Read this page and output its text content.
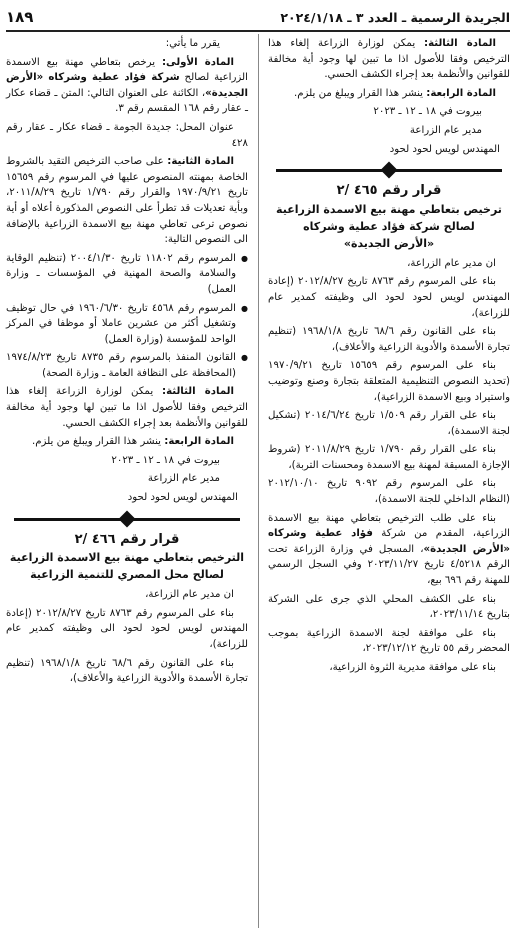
الجريدة الرسمية ـ العدد ٣ ـ ٢٠٢٤/١/١٨
١٨٩

المادة الثالثة: يمكن لوزارة الزراعة إلغاء هذا الترخيص وفقا للأصول اذا ما تبين لها وجود أية مخالفة للقوانين والأنظمة بعد إجراء الكشف الحسي.

المادة الرابعة: ينشر هذا القرار ويبلغ من يلزم.

بيروت في ١٨ ـ ١٢ ـ ٢٠٢٣

مدير عام الزراعة

المهندس لويس لحود لحود

قرار رقم ٤٦٥ /٢
ترخيص بتعاطي مهنة بيع الاسمدة الزراعية
لصالح شركة فؤاد عطية وشركاه
«الأرض الجديدة»

ان مدير عام الزراعة،

بناء على المرسوم رقم ٨٧٦٣ تاريخ ٢٠١٢/٨/٢٧ (إعادة المهندس لويس لحود لحود الى وظيفته كمدير عام للزراعة)،

بناء على القانون رقم ٦٨/٦ تاريخ ١٩٦٨/١/٨ (تنظيم تجارة الأسمدة والأدوية الزراعية والأعلاف)،

بناء على المرسوم رقم ١٥٦٥٩ تاريخ ١٩٧٠/٩/٢١ (تحديد النصوص التنظيمية المتعلقة بتجارة وصنع وتوضيب واستيراد وبيع الاسمدة الزراعية)،

بناء على القرار رقم ١/٥٠٩ تاريخ ٢٠١٤/٦/٢٤ (تشكيل لجنة الاسمدة)،

بناء على القرار رقم ١/٧٩٠ تاريخ ٢٠١١/٨/٢٩ (شروط الإجازة المسبقة لمهنة بيع الاسمدة ومحسنات التربة)،

بناء على المرسوم رقم ٩٠٩٢ تاريخ ٢٠١٢/١٠/١٠ (النظام الداخلي للجنة الاسمدة)،

بناء على طلب الترخيص بتعاطي مهنة بيع الاسمدة الزراعية، المقدم من شركة فؤاد عطية وشركاه «الأرض الجديدة»، المسجل في وزارة الزراعة تحت الرقم ٤/٥٢١٨ تاريخ ٢٠٢٣/١١/٢٧ وفي السجل الرسمي للمهنة رقم ٦٩٦ بيع،

بناء على الكشف المحلي الذي جرى على الشركة بتاريخ ٢٠٢٣/١١/١٤،

بناء على موافقة لجنة الاسمدة الزراعية بموجب المحضر رقم ٥٥ تاريخ ٢٠٢٣/١٢/١٢،

بناء على موافقة مديرية الثروة الزراعية،

يقرر ما يأتي:

المادة الأولى: يرخص بتعاطي مهنة بيع الاسمدة الزراعية لصالح شركة فؤاد عطية وشركاه «الأرض الجديدة»، الكائنة على العنوان التالي: المتن ـ قضاء عكار ـ عقار رقم ١٦٨ المقسم رقم ٣.

عنوان المحل: جديدة الجومة ـ قضاء عكار ـ عقار رقم ٤٢٨

المادة الثانية: على صاحب الترخيص التقيد بالشروط الخاصة بمهنته المنصوص عليها في المرسوم رقم ١٥٦٥٩ تاريخ ١٩٧٠/٩/٢١ والقرار رقم ١/٧٩٠ تاريخ ٢٠١١/٨/٢٩، وبأية تعديلات قد تطرأ على النصوص المذكورة أعلاه أو أية نصوص ترعى تعاطي مهنة بيع الاسمدة الزراعية بالإضافة الى النصوص التالية:

● المرسوم رقم ١١٨٠٢ تاريخ ٢٠٠٤/١/٣٠ (تنظيم الوقاية والسلامة والصحة المهنية في المؤسسات ـ وزارة العمل)

● المرسوم رقم ٤٥٦٨ تاريخ ١٩٦٠/٦/٣٠ في حال توظيف وتشغيل أكثر من عشرين عاملا أو موظفا في المركز الواحد للمؤسسة (وزارة العمل)

● القانون المنفذ بالمرسوم رقم ٨٧٣٥ تاريخ ١٩٧٤/٨/٢٣ (المحافظة على النظافة العامة ـ وزارة الصحة)

المادة الثالثة: يمكن لوزارة الزراعة إلغاء هذا الترخيص وفقا للأصول اذا ما تبين لها وجود أية مخالفة للقوانين والأنظمة بعد إجراء الكشف الحسي.

المادة الرابعة: ينشر هذا القرار ويبلغ من يلزم.

بيروت في ١٨ ـ ١٢ ـ ٢٠٢٣

مدير عام الزراعة

المهندس لويس لحود لحود

قرار رقم ٤٦٦ /٢
الترخيص بتعاطي مهنة بيع الاسمدة الزراعية
لصالح محل المصري للتنمية الزراعية

ان مدير عام الزراعة،

بناء على المرسوم رقم ٨٧٦٣ تاريخ ٢٠١٢/٨/٢٧ (إعادة المهندس لويس لحود لحود الى وظيفته كمدير عام للزراعة)،

بناء على القانون رقم ٦٨/٦ تاريخ ١٩٦٨/١/٨ (تنظيم تجارة الأسمدة والأدوية الزراعية والأعلاف)،
